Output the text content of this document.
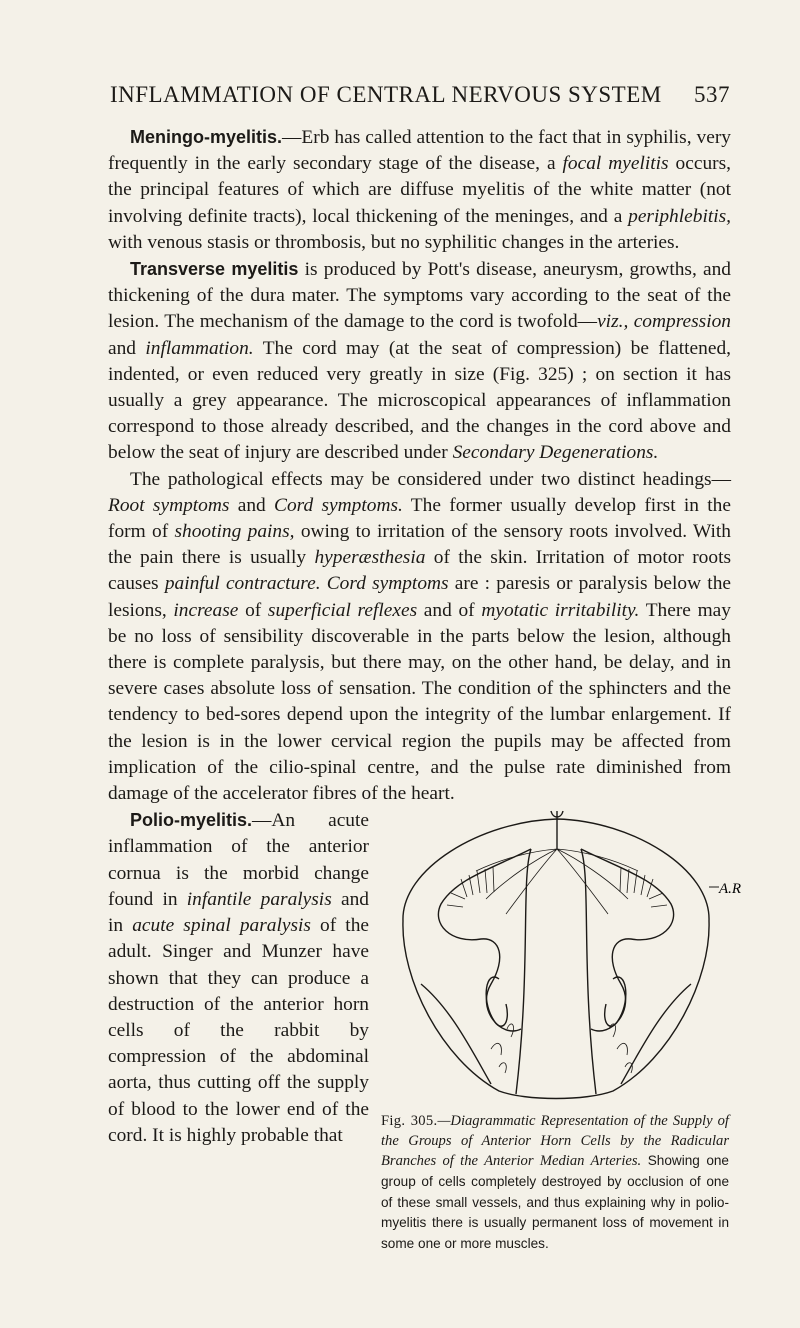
INFLAMMATION OF CENTRAL NERVOUS SYSTEM 537

Meningo-myelitis.—Erb has called attention to the fact that in syphilis, very frequently in the early secondary stage of the disease, a focal myelitis occurs, the principal features of which are diffuse myelitis of the white matter (not involving definite tracts), local thickening of the meninges, and a periphlebitis, with venous stasis or thrombosis, but no syphilitic changes in the arteries.

Transverse myelitis is produced by Pott's disease, aneurysm, growths, and thickening of the dura mater. The symptoms vary according to the seat of the lesion. The mechanism of the damage to the cord is twofold—viz., compression and inflammation. The cord may (at the seat of compression) be flattened, indented, or even reduced very greatly in size (Fig. 325) ; on section it has usually a grey appearance. The microscopical appearances of inflammation correspond to those already described, and the changes in the cord above and below the seat of injury are described under Secondary Degenerations.

The pathological effects may be considered under two distinct headings—Root symptoms and Cord symptoms. The former usually develop first in the form of shooting pains, owing to irritation of the sensory roots involved. With the pain there is usually hyperæsthesia of the skin. Irritation of motor roots causes painful contracture. Cord symptoms are : paresis or paralysis below the lesions, increase of superficial reflexes and of myotatic irritability. There may be no loss of sensibility discoverable in the parts below the lesion, although there is complete paralysis, but there may, on the other hand, be delay, and in severe cases absolute loss of sensation. The condition of the sphincters and the tendency to bed-sores depend upon the integrity of the lumbar enlargement. If the lesion is in the lower cervical region the pupils may be affected from implication of the cilio-spinal centre, and the pulse rate diminished from damage of the accelerator fibres of the heart.

A.R
Fig. 305.—Diagrammatic Representation of the Supply of the Groups of Anterior Horn Cells by the Radicular Branches of the Anterior Median Arteries. Showing one group of cells completely destroyed by occlusion of one of these small vessels, and thus explaining why in polio-myelitis there is usually permanent loss of movement in some one or more muscles.

Polio-myelitis.—An acute inflammation of the anterior cornua is the morbid change found in infantile paralysis and in acute spinal paralysis of the adult. Singer and Munzer have shown that they can produce a destruction of the anterior horn cells of the rabbit by compression of the abdominal aorta, thus cutting off the supply of blood to the lower end of the cord. It is highly probable that
